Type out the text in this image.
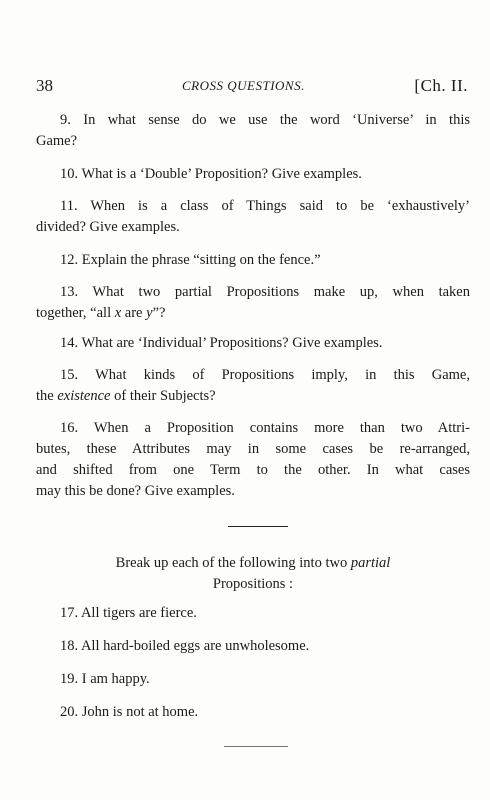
38	CROSS QUESTIONS.	[Ch. II.
9. In what sense do we use the word ‘Universe’ in this
Game?
10. What is a ‘Double’ Proposition? Give examples.
11. When is a class of Things said to be ‘exhaustively’
divided? Give examples.
12. Explain the phrase “sitting on the fence.”
13. What two partial Propositions make up, when taken
together, “all x are y”?
14. What are ‘Individual’ Propositions? Give examples.
15. What kinds of Propositions imply, in this Game,
the existence of their Subjects?
16. When a Proposition contains more than two Attri-
butes, these Attributes may in some cases be re-arranged,
and shifted from one Term to the other. In what cases
may this be done? Give examples.
Break up each of the following into two partial
Propositions :
17. All tigers are fierce.
18. All hard-boiled eggs are unwholesome.
19. I am happy.
20. John is not at home.
